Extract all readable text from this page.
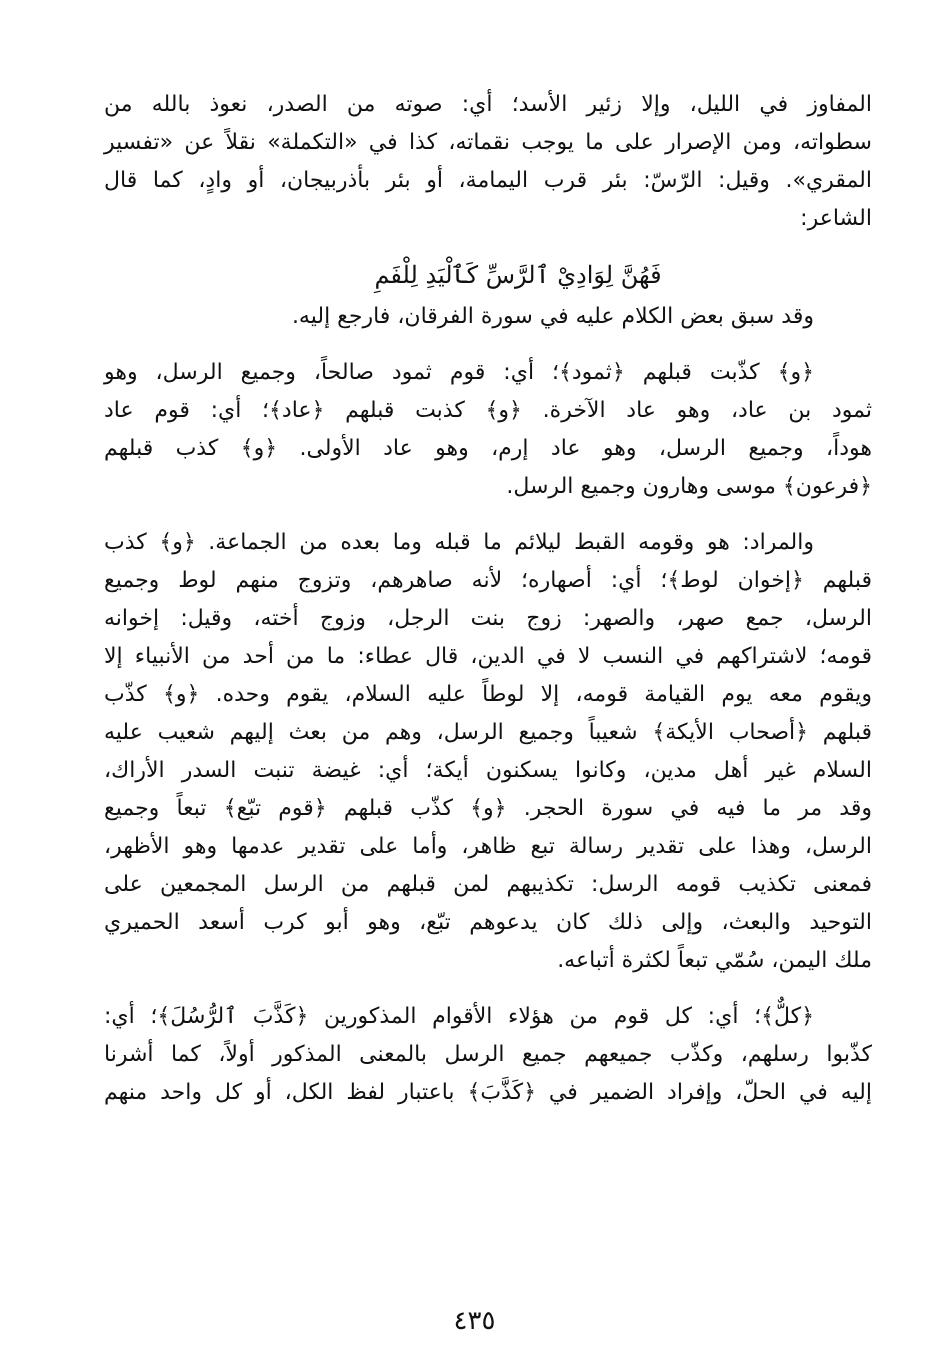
المفاوز في الليل، وإلا زئير الأسد؛ أي: صوته من الصدر، نعوذ بالله من
سطواته، ومن الإصرار على ما يوجب نقماته، كذا في «التكملة» نقلاً عن «تفسير
المقري». وقيل: الرّسّ: بئر قرب اليمامة، أو بئر بأذربيجان، أو وادٍ، كما قال
الشاعر:
فَهُنَّ لِوَادِيْ ٱلرَّسِّ كَٱلْيَدِ لِلْفَمِ
وقد سبق بعض الكلام عليه في سورة الفرقان، فارجع إليه.
﴿و﴾ كذّبت قبلهم ﴿ثمود﴾؛ أي: قوم ثمود صالحاً، وجميع الرسل، وهو
ثمود بن عاد، وهو عاد الآخرة. ﴿و﴾ كذبت قبلهم ﴿عاد﴾؛ أي: قوم عاد
هوداً، وجميع الرسل، وهو عاد إرم، وهو عاد الأولى. ﴿و﴾ كذب قبلهم
﴿فرعون﴾ موسى وهارون وجميع الرسل.
والمراد: هو وقومه القبط ليلائم ما قبله وما بعده من الجماعة. ﴿و﴾ كذب
قبلهم ﴿إخوان لوط﴾؛ أي: أصهاره؛ لأنه صاهرهم، وتزوج منهم لوط وجميع
الرسل، جمع صهر، والصهر: زوج بنت الرجل، وزوج أخته، وقيل: إخوانه
قومه؛ لاشتراكهم في النسب لا في الدين، قال عطاء: ما من أحد من الأنبياء إلا
ويقوم معه يوم القيامة قومه، إلا لوطاً عليه السلام، يقوم وحده. ﴿و﴾ كذّب
قبلهم ﴿أصحاب الأيكة﴾ شعيباً وجميع الرسل، وهم من بعث إليهم شعيب عليه
السلام غير أهل مدين، وكانوا يسكنون أيكة؛ أي: غيضة تنبت السدر الأراك،
وقد مر ما فيه في سورة الحجر. ﴿و﴾ كذّب قبلهم ﴿قوم تبّع﴾ تبعاً وجميع
الرسل، وهذا على تقدير رسالة تبع ظاهر، وأما على تقدير عدمها وهو الأظهر،
فمعنى تكذيب قومه الرسل: تكذيبهم لمن قبلهم من الرسل المجمعين على
التوحيد والبعث، وإلى ذلك كان يدعوهم تبّع، وهو أبو كرب أسعد الحميري
ملك اليمن، سُمّي تبعاً لكثرة أتباعه.
﴿كلٌّ﴾؛ أي: كل قوم من هؤلاء الأقوام المذكورين ﴿كَذَّبَ ٱلرُّسُلَ﴾؛ أي:
كذّبوا رسلهم، وكذّب جميعهم جميع الرسل بالمعنى المذكور أولاً، كما أشرنا
إليه في الحلّ، وإفراد الضمير في ﴿كَذَّبَ﴾ باعتبار لفظ الكل، أو كل واحد منهم
٤٣٥
